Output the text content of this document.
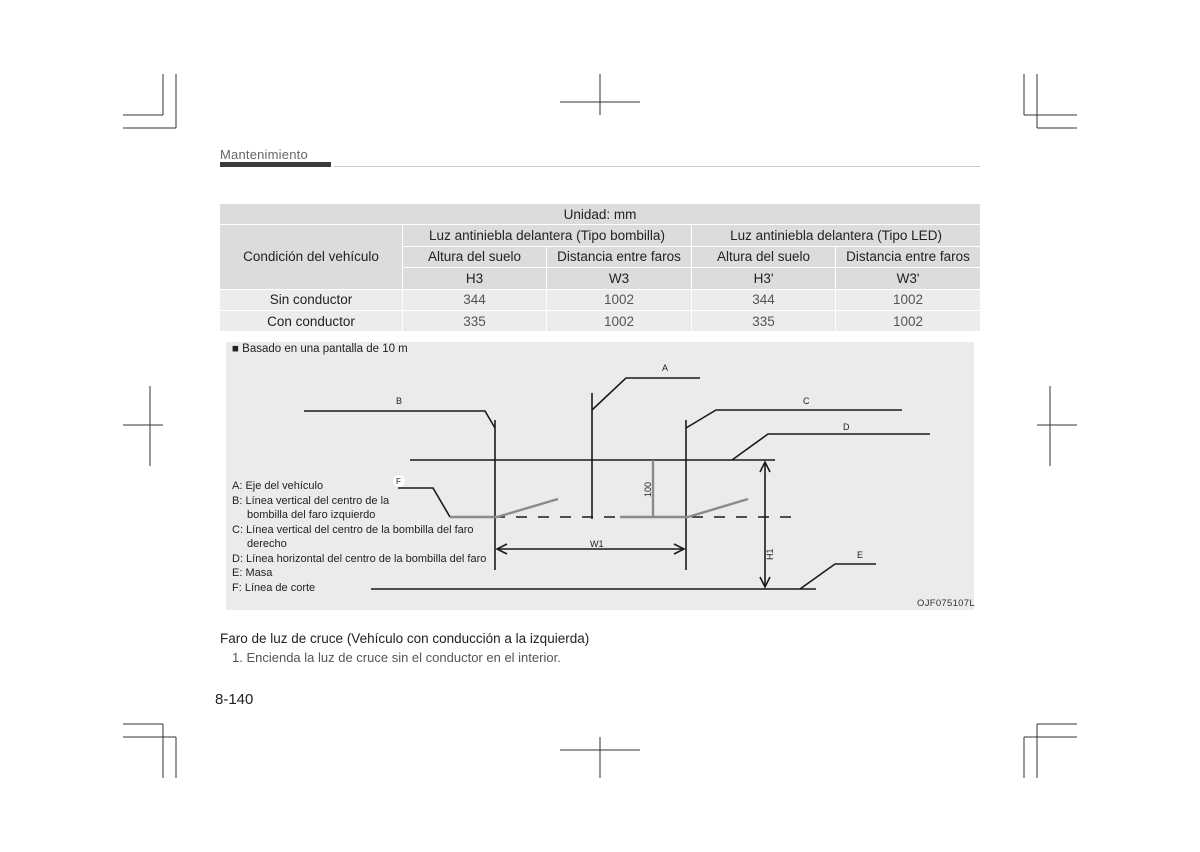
Mantenimiento
Unidad: mm				
Condición del vehículo	Luz antiniebla delantera (Tipo bombilla)		Luz antiniebla delantera (Tipo LED)	
	Altura del suelo	Distancia entre faros	Altura del suelo	Distancia entre faros
	H3	W3	H3'	W3'
Sin conductor	344	1002	344	1002
Con conductor	335	1002	335	1002
■ Basado en una pantalla de 10 m
A
B	C
D
E
W1
100
H1
F
A: Eje del vehículo
B: Línea vertical del centro de la
bombilla del faro izquierdo
C: Línea vertical del centro de la bombilla del faro
derecho
D: Línea horizontal del centro de la bombilla del faro
E: Masa
F: Línea de corte
OJF075107L
Faro de luz de cruce (Vehículo con conducción a la izquierda)
1. Encienda la luz de cruce sin el conductor en el interior.
8-140
